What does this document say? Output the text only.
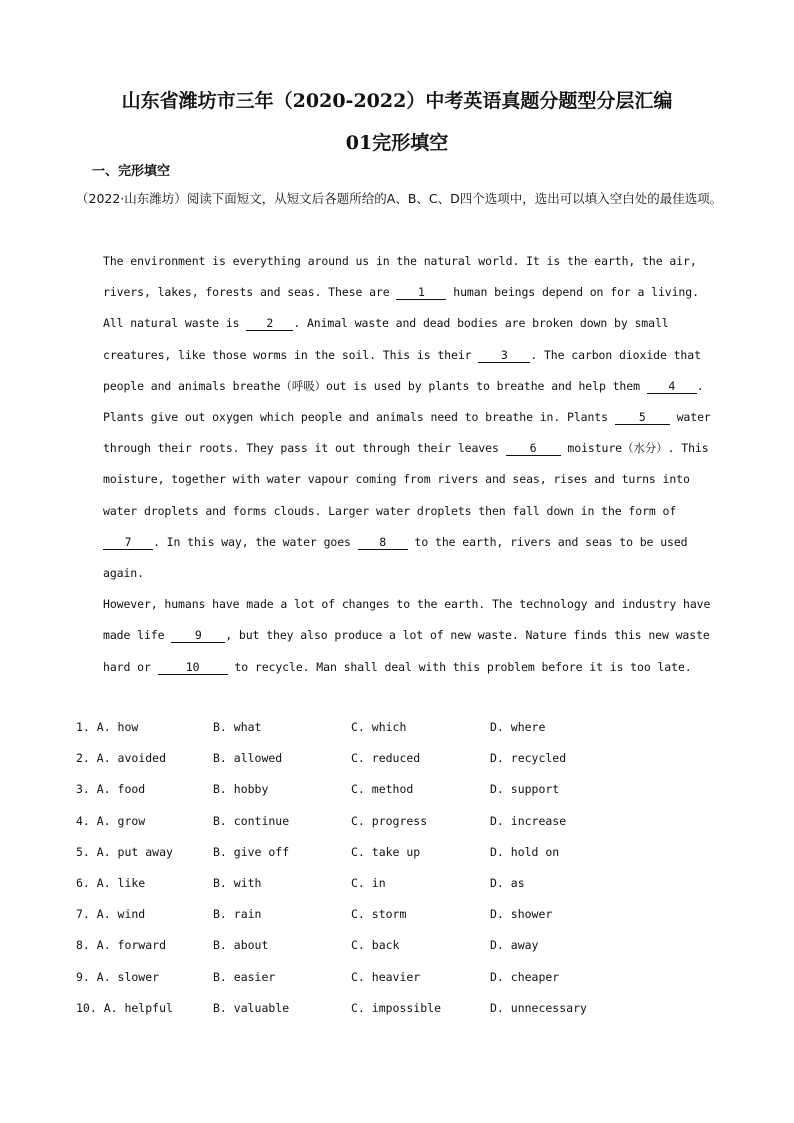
山东省潍坊市三年（2020-2022）中考英语真题分题型分层汇编
01完形填空
一、完形填空
（2022·山东潍坊）阅读下面短文，从短文后各题所给的A、B、C、D四个选项中，选出可以填入空白处的最佳选项。

The environment is everything around us in the natural world. It is the earth, the air, rivers, lakes, forests and seas. These are 1 human beings depend on for a living.

All natural waste is 2 . Animal waste and dead bodies are broken down by small creatures, like those worms in the soil. This is their 3 . The carbon dioxide that people and animals breathe（呼吸）out is used by plants to breathe and help them 4 . Plants give out oxygen which people and animals need to breathe in. Plants 5 water through their roots. They pass it out through their leaves 6 moisture（水分）. This moisture, together with water vapour coming from rivers and seas, rises and turns into water droplets and forms clouds. Larger water droplets then fall down in the form of 7 . In this way, the water goes 8 to the earth, rivers and seas to be used again.

However, humans have made a lot of changes to the earth. The technology and industry have made life 9 , but they also produce a lot of new waste. Nature finds this new waste hard or 10 to recycle. Man shall deal with this problem before it is too late.

1. A. how	B. what	C. which	D. where
2. A. avoided	B. allowed	C. reduced	D. recycled
3. A. food	B. hobby	C. method	D. support
4. A. grow	B. continue	C. progress	D. increase
5. A. put away	B. give off	C. take up	D. hold on
6. A. like	B. with	C. in	D. as
7. A. wind	B. rain	C. storm	D. shower
8. A. forward	B. about	C. back	D. away
9. A. slower	B. easier	C. heavier	D. cheaper
10. A. helpful	B. valuable	C. impossible	D. unnecessary
